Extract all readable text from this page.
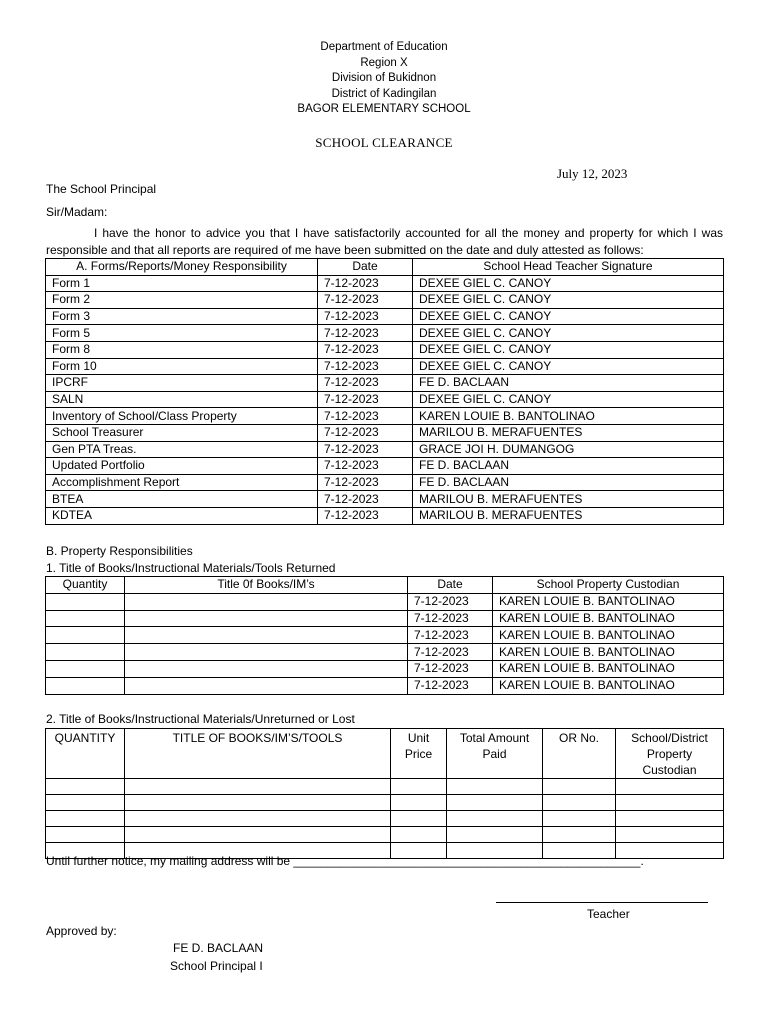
Department of Education
Region X
Division of Bukidnon
District of Kadingilan
BAGOR ELEMENTARY SCHOOL
SCHOOL CLEARANCE
July 12, 2023
The School Principal
Sir/Madam:
I have the honor to advice you that I have satisfactorily accounted for all the money and property for which I was responsible and that all reports are required of me have been submitted on the date and duly attested as follows:
A. Forms/Reports/Money Responsibility	Date	School Head Teacher Signature
Form 1	7-12-2023	DEXEE GIEL C. CANOY
Form 2	7-12-2023	DEXEE GIEL C. CANOY
Form 3	7-12-2023	DEXEE GIEL C. CANOY
Form 5	7-12-2023	DEXEE GIEL C. CANOY
Form 8	7-12-2023	DEXEE GIEL C. CANOY
Form 10	7-12-2023	DEXEE GIEL C. CANOY
IPCRF	7-12-2023	FE D. BACLAAN
SALN	7-12-2023	DEXEE GIEL C. CANOY
Inventory of School/Class Property	7-12-2023	KAREN LOUIE B. BANTOLINAO
School Treasurer	7-12-2023	MARILOU B. MERAFUENTES
Gen PTA Treas.	7-12-2023	GRACE JOI H. DUMANGOG
Updated Portfolio	7-12-2023	FE D. BACLAAN
Accomplishment Report	7-12-2023	FE D. BACLAAN
BTEA	7-12-2023	MARILOU B. MERAFUENTES
KDTEA	7-12-2023	MARILOU B. MERAFUENTES
B. Property Responsibilities
1. Title of Books/Instructional Materials/Tools Returned
Quantity	Title 0f Books/IM’s	Date	School Property Custodian
		7-12-2023	KAREN LOUIE B. BANTOLINAO
		7-12-2023	KAREN LOUIE B. BANTOLINAO
		7-12-2023	KAREN LOUIE B. BANTOLINAO
		7-12-2023	KAREN LOUIE B. BANTOLINAO
		7-12-2023	KAREN LOUIE B. BANTOLINAO
		7-12-2023	KAREN LOUIE B. BANTOLINAO
2. Title of Books/Instructional Materials/Unreturned or Lost
QUANTITY	TITLE OF BOOKS/IM’S/TOOLS	Unit Price	Total Amount Paid	OR No.	School/District Property Custodian

Until further notice, my mailing address will be ____________________________________________________.
Teacher
Approved by:
FE D. BACLAAN
School Principal I
